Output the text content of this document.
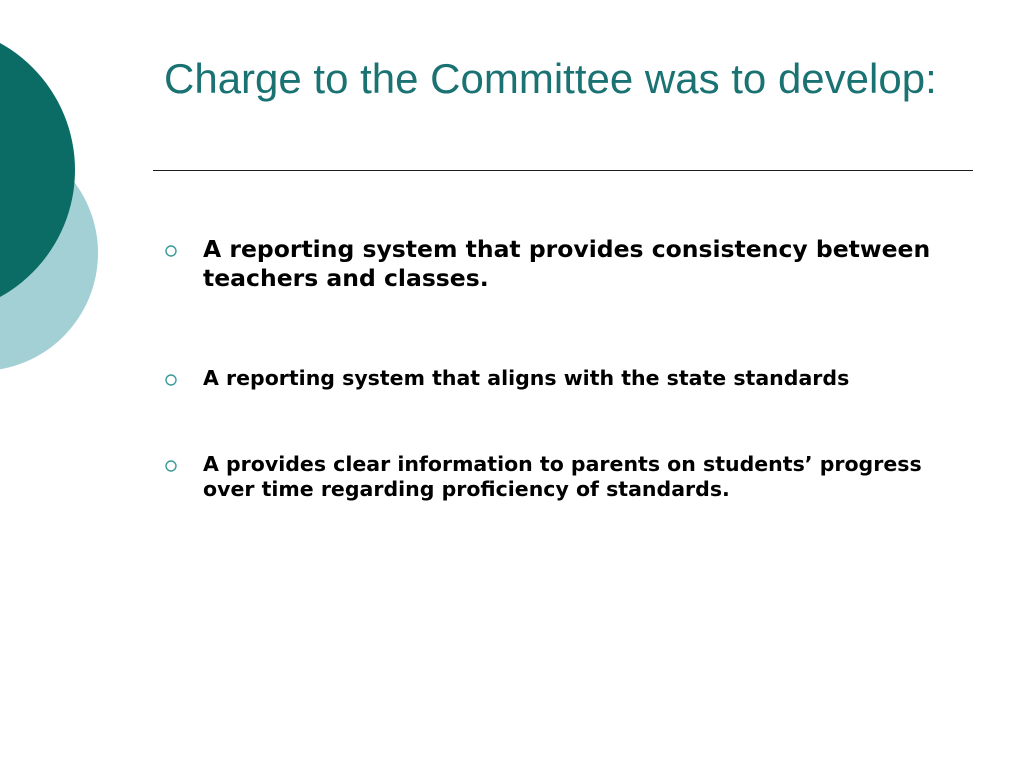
Charge to the Committee was to develop:
A reporting system that provides consistency between teachers and classes.
A reporting system that aligns with the state standards
A provides clear information to parents on students’ progress over time regarding proficiency of standards.
